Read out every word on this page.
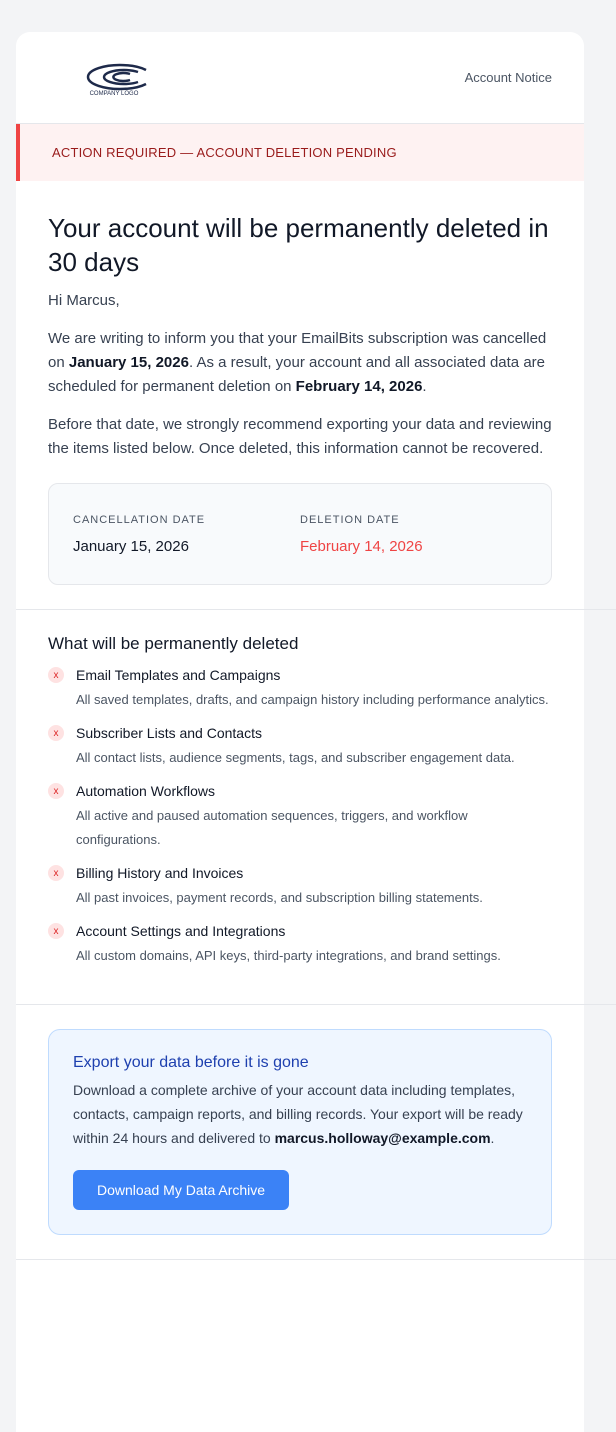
COMPANY LOGO
Account Notice
ACTION REQUIRED — ACCOUNT DELETION PENDING
Your account will be permanently deleted in 30 days

Hi Marcus,

We are writing to inform you that your EmailBits subscription was cancelled on January 15, 2026. As a result, your account and all associated data are scheduled for permanent deletion on February 14, 2026.

Before that date, we strongly recommend exporting your data and reviewing the items listed below. Once deleted, this information cannot be recovered.

CANCELLATION DATE
January 15, 2026
DELETION DATE
February 14, 2026
What will be permanently deleted
x	Email Templates and Campaigns
All saved templates, drafts, and campaign history including performance analytics.
x	Subscriber Lists and Contacts
All contact lists, audience segments, tags, and subscriber engagement data.
x	Automation Workflows
All active and paused automation sequences, triggers, and workflow configurations.
x	Billing History and Invoices
All past invoices, payment records, and subscription billing statements.
x	Account Settings and Integrations
All custom domains, API keys, third-party integrations, and brand settings.
Export your data before it is gone

Download a complete archive of your account data including templates, contacts, campaign reports, and billing records. Your export will be ready within 24 hours and delivered to marcus.holloway@example.com.

Download My Data Archive
